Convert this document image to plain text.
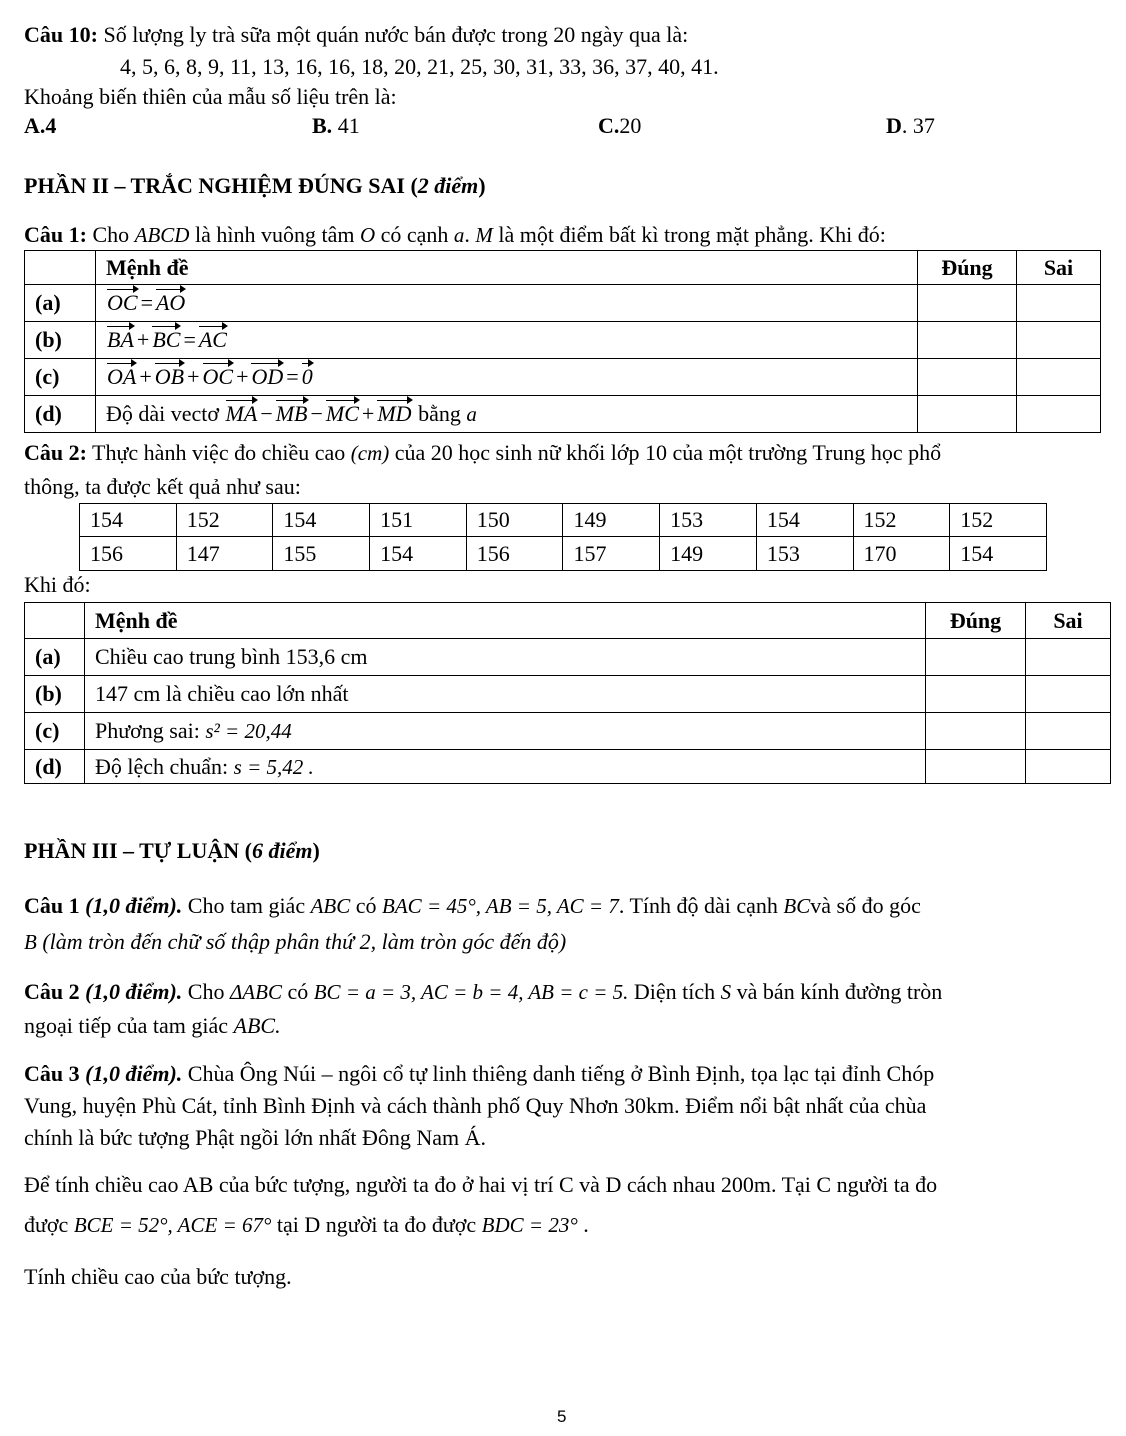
Câu 10: Số lượng ly trà sữa một quán nước bán được trong 20 ngày qua là:
4, 5, 6, 8, 9, 11, 13, 16, 16, 18, 20, 21, 25, 30, 31, 33, 36, 37, 40, 41.
Khoảng biến thiên của mẫu số liệu trên là:
A.4	B. 41	C.20	D. 37
PHẦN II – TRẮC NGHIỆM ĐÚNG SAI (2 điểm)
Câu 1: Cho ABCD là hình vuông tâm O có cạnh a. M là một điểm bất kì trong mặt phẳng. Khi đó:
	Mệnh đề	Đúng	Sai
(a)	OC = AO		
(b)	BA + BC = AC		
(c)	OA + OB + OC + OD = 0		
(d)	Độ dài vectơ MA − MB − MC + MD bằng a		
Câu 2: Thực hành việc đo chiều cao (cm) của 20 học sinh nữ khối lớp 10 của một trường Trung học phổ
thông, ta được kết quả như sau:
154	152	154	151	150	149	153	154	152	152
156	147	155	154	156	157	149	153	170	154
Khi đó:
	Mệnh đề	Đúng	Sai
(a)	Chiều cao trung bình 153,6 cm		
(b)	147 cm là chiều cao lớn nhất		
(c)	Phương sai: s² = 20,44		
(d)	Độ lệch chuẩn: s = 5,42 .		
PHẦN III – TỰ LUẬN (6 điểm)
Câu 1 (1,0 điểm). Cho tam giác ABC có BAC = 45°, AB = 5, AC = 7. Tính độ dài cạnh BCvà số đo góc
B (làm tròn đến chữ số thập phân thứ 2, làm tròn góc đến độ)
Câu 2 (1,0 điểm). Cho ΔABC có BC = a = 3, AC = b = 4, AB = c = 5. Diện tích S và bán kính đường tròn
ngoại tiếp của tam giác ABC.
Câu 3 (1,0 điểm). Chùa Ông Núi – ngôi cổ tự linh thiêng danh tiếng ở Bình Định, tọa lạc tại đỉnh Chóp
Vung, huyện Phù Cát, tỉnh Bình Định và cách thành phố Quy Nhơn 30km. Điểm nổi bật nhất của chùa
chính là bức tượng Phật ngồi lớn nhất Đông Nam Á.
Để tính chiều cao AB của bức tượng, người ta đo ở hai vị trí C và D cách nhau 200m. Tại C người ta đo
được BCE = 52°, ACE = 67° tại D người ta đo được BDC = 23° .
Tính chiều cao của bức tượng.
5
